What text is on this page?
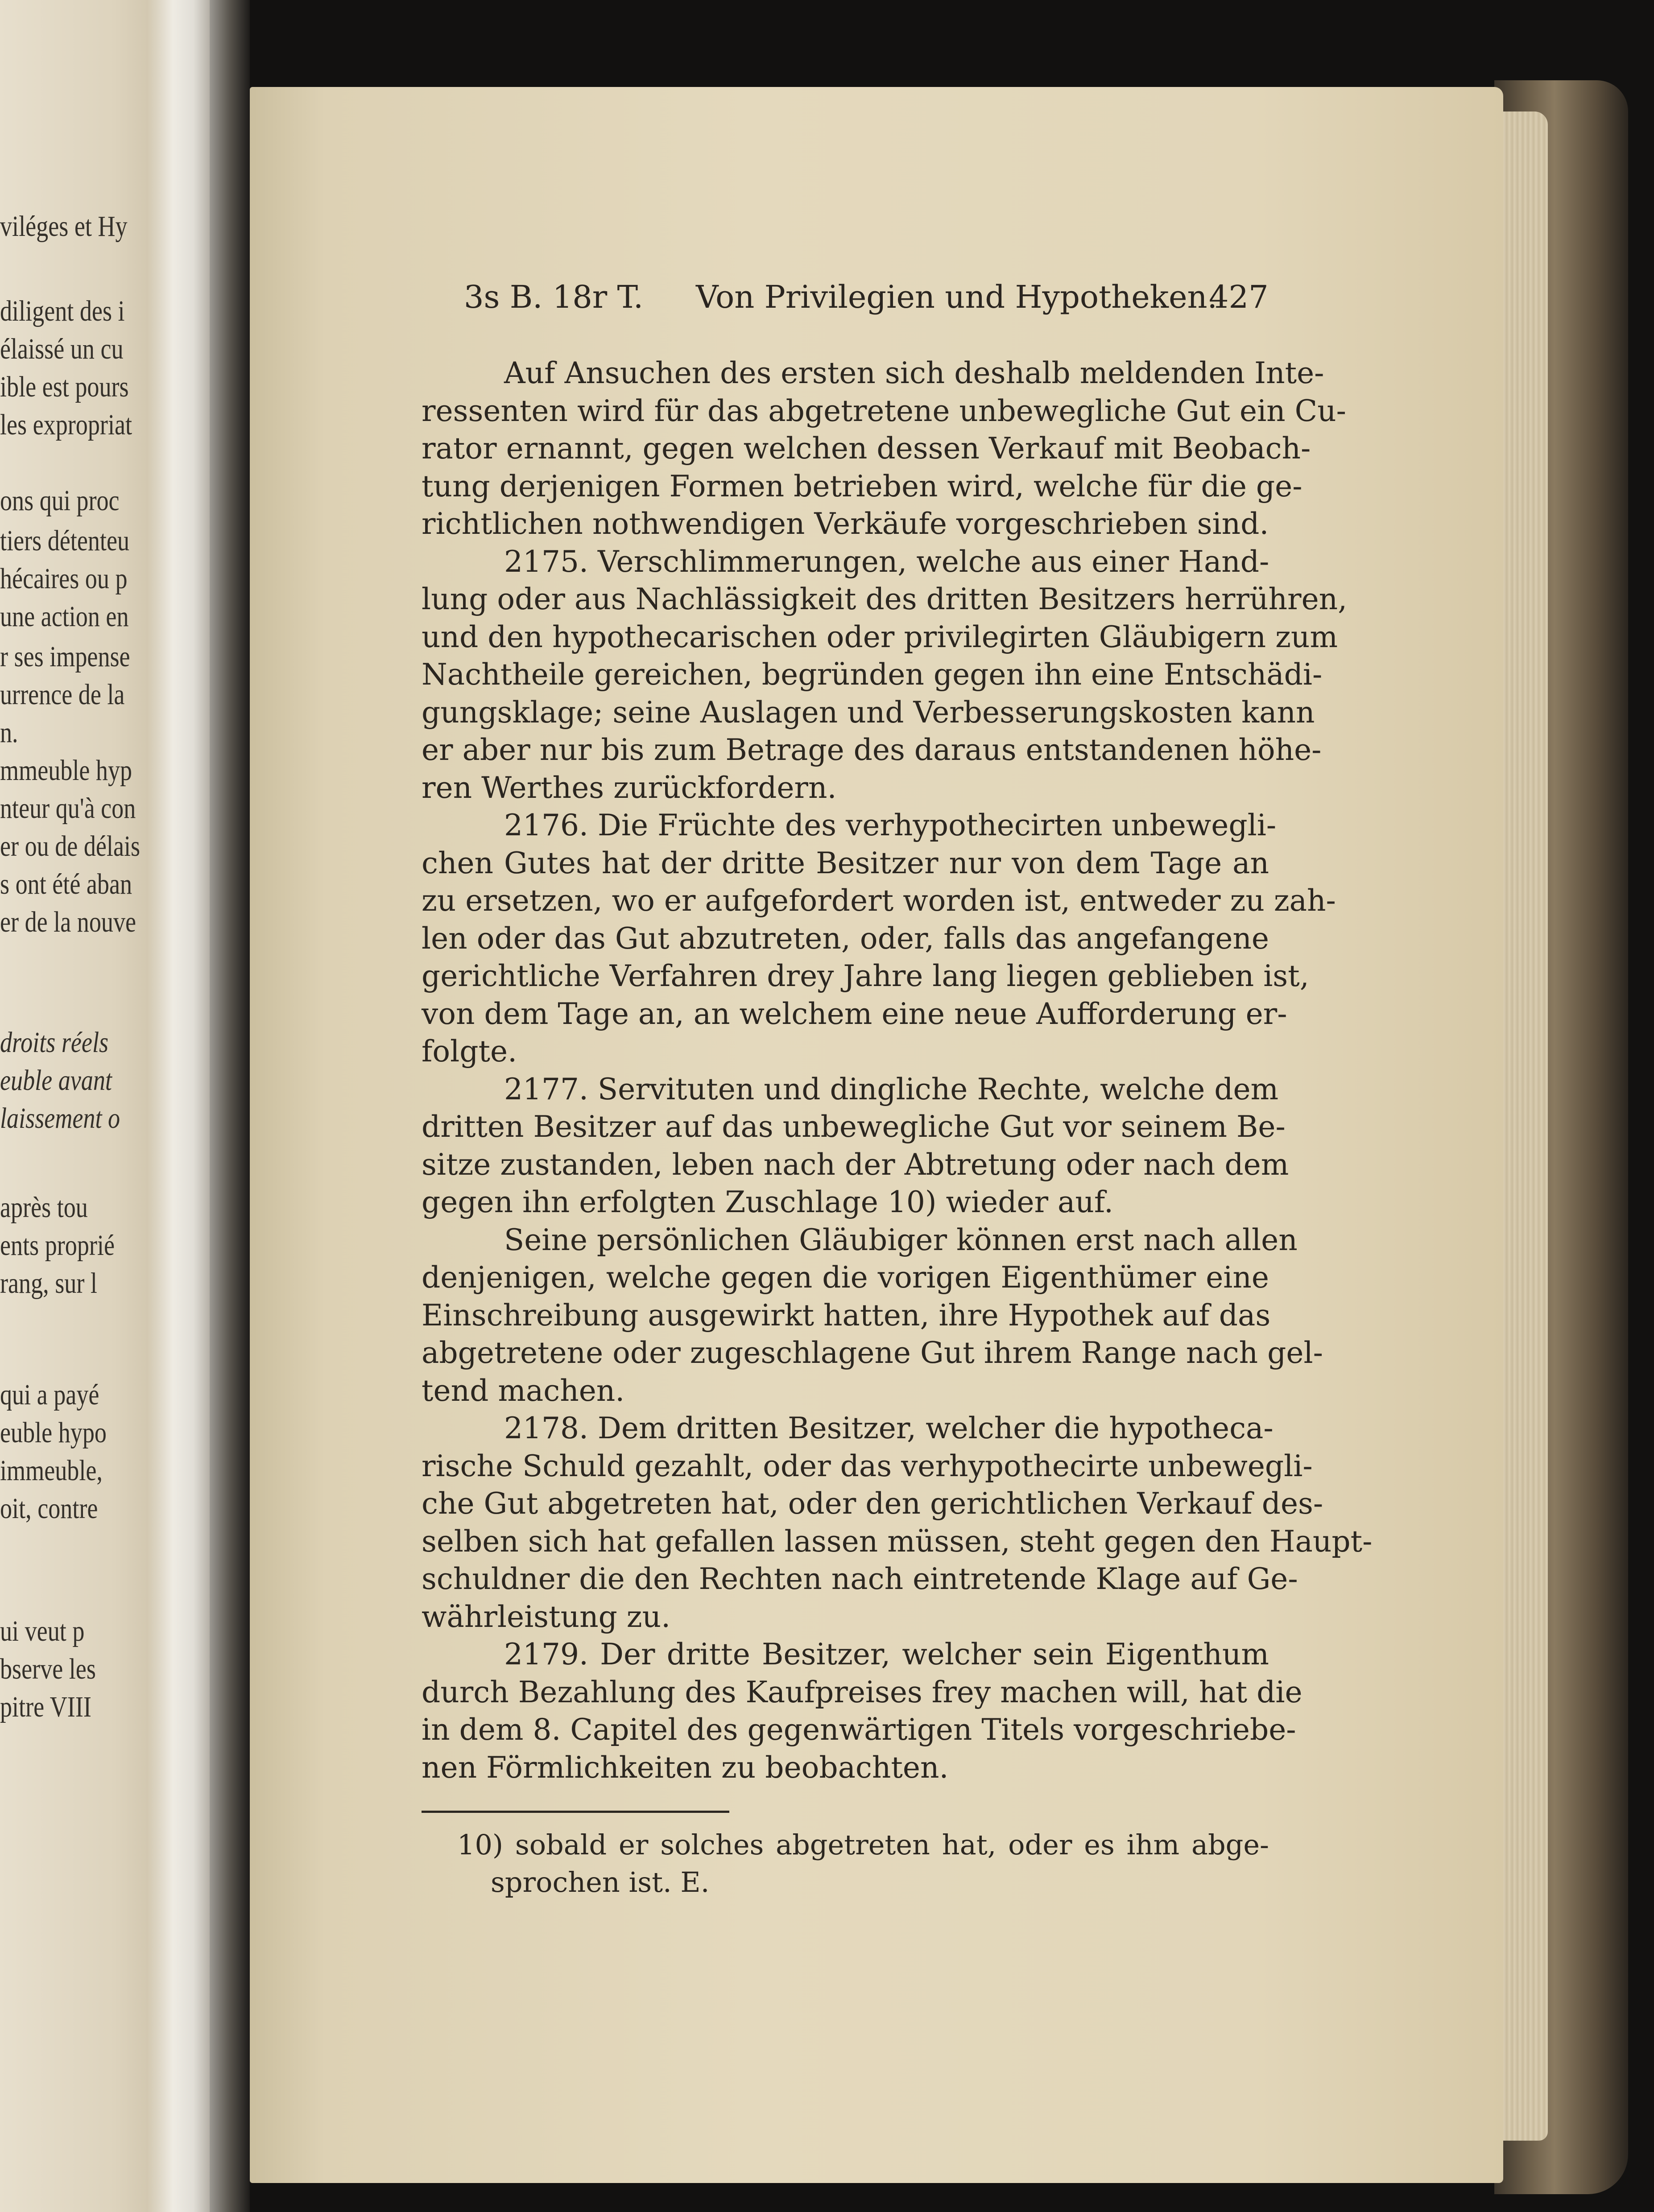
viléges et Hy
diligent des i
élaissé un cu
ible est pours
les expropriat
ons qui proc
tiers détenteu
hécaires ou p
une action en
r ses impense
urrence de la
n.
mmeuble hyp
nteur qu'à con
er ou de délais
s ont été aban
er de la nouve
droits réels
euble avant
laissement o
après tou
ents proprié
rang, sur l
qui a payé
euble hypo
immeuble,
oit, contre
ui veut p
bserve les
pitre VIII
3s B. 18r T. Von Privilegien und Hypotheken.
427
Auf Ansuchen des ersten sich deshalb meldenden Inte-
ressenten wird für das abgetretene unbewegliche Gut ein Cu-
rator ernannt, gegen welchen dessen Verkauf mit Beobach-
tung derjenigen Formen betrieben wird, welche für die ge-
richtlichen nothwendigen Verkäufe vorgeschrieben sind.
2175. Verschlimmerungen, welche aus einer Hand-
lung oder aus Nachlässigkeit des dritten Besitzers herrühren,
und den hypothecarischen oder privilegirten Gläubigern zum
Nachtheile gereichen, begründen gegen ihn eine Entschädi-
gungsklage; seine Auslagen und Verbesserungskosten kann
er aber nur bis zum Betrage des daraus entstandenen höhe-
ren Werthes zurückfordern.
2176. Die Früchte des verhypothecirten unbewegli-
chen Gutes hat der dritte Besitzer nur von dem Tage an
zu ersetzen, wo er aufgefordert worden ist, entweder zu zah-
len oder das Gut abzutreten, oder, falls das angefangene
gerichtliche Verfahren drey Jahre lang liegen geblieben ist,
von dem Tage an, an welchem eine neue Aufforderung er-
folgte.
2177. Servituten und dingliche Rechte, welche dem
dritten Besitzer auf das unbewegliche Gut vor seinem Be-
sitze zustanden, leben nach der Abtretung oder nach dem
gegen ihn erfolgten Zuschlage 10) wieder auf.
Seine persönlichen Gläubiger können erst nach allen
denjenigen, welche gegen die vorigen Eigenthümer eine
Einschreibung ausgewirkt hatten, ihre Hypothek auf das
abgetretene oder zugeschlagene Gut ihrem Range nach gel-
tend machen.
2178. Dem dritten Besitzer, welcher die hypotheca-
rische Schuld gezahlt, oder das verhypothecirte unbewegli-
che Gut abgetreten hat, oder den gerichtlichen Verkauf des-
selben sich hat gefallen lassen müssen, steht gegen den Haupt-
schuldner die den Rechten nach eintretende Klage auf Ge-
währleistung zu.
2179. Der dritte Besitzer, welcher sein Eigenthum
durch Bezahlung des Kaufpreises frey machen will, hat die
in dem 8. Capitel des gegenwärtigen Titels vorgeschriebe-
nen Förmlichkeiten zu beobachten.
10) sobald er solches abgetreten hat, oder es ihm abge-
sprochen ist. E.
